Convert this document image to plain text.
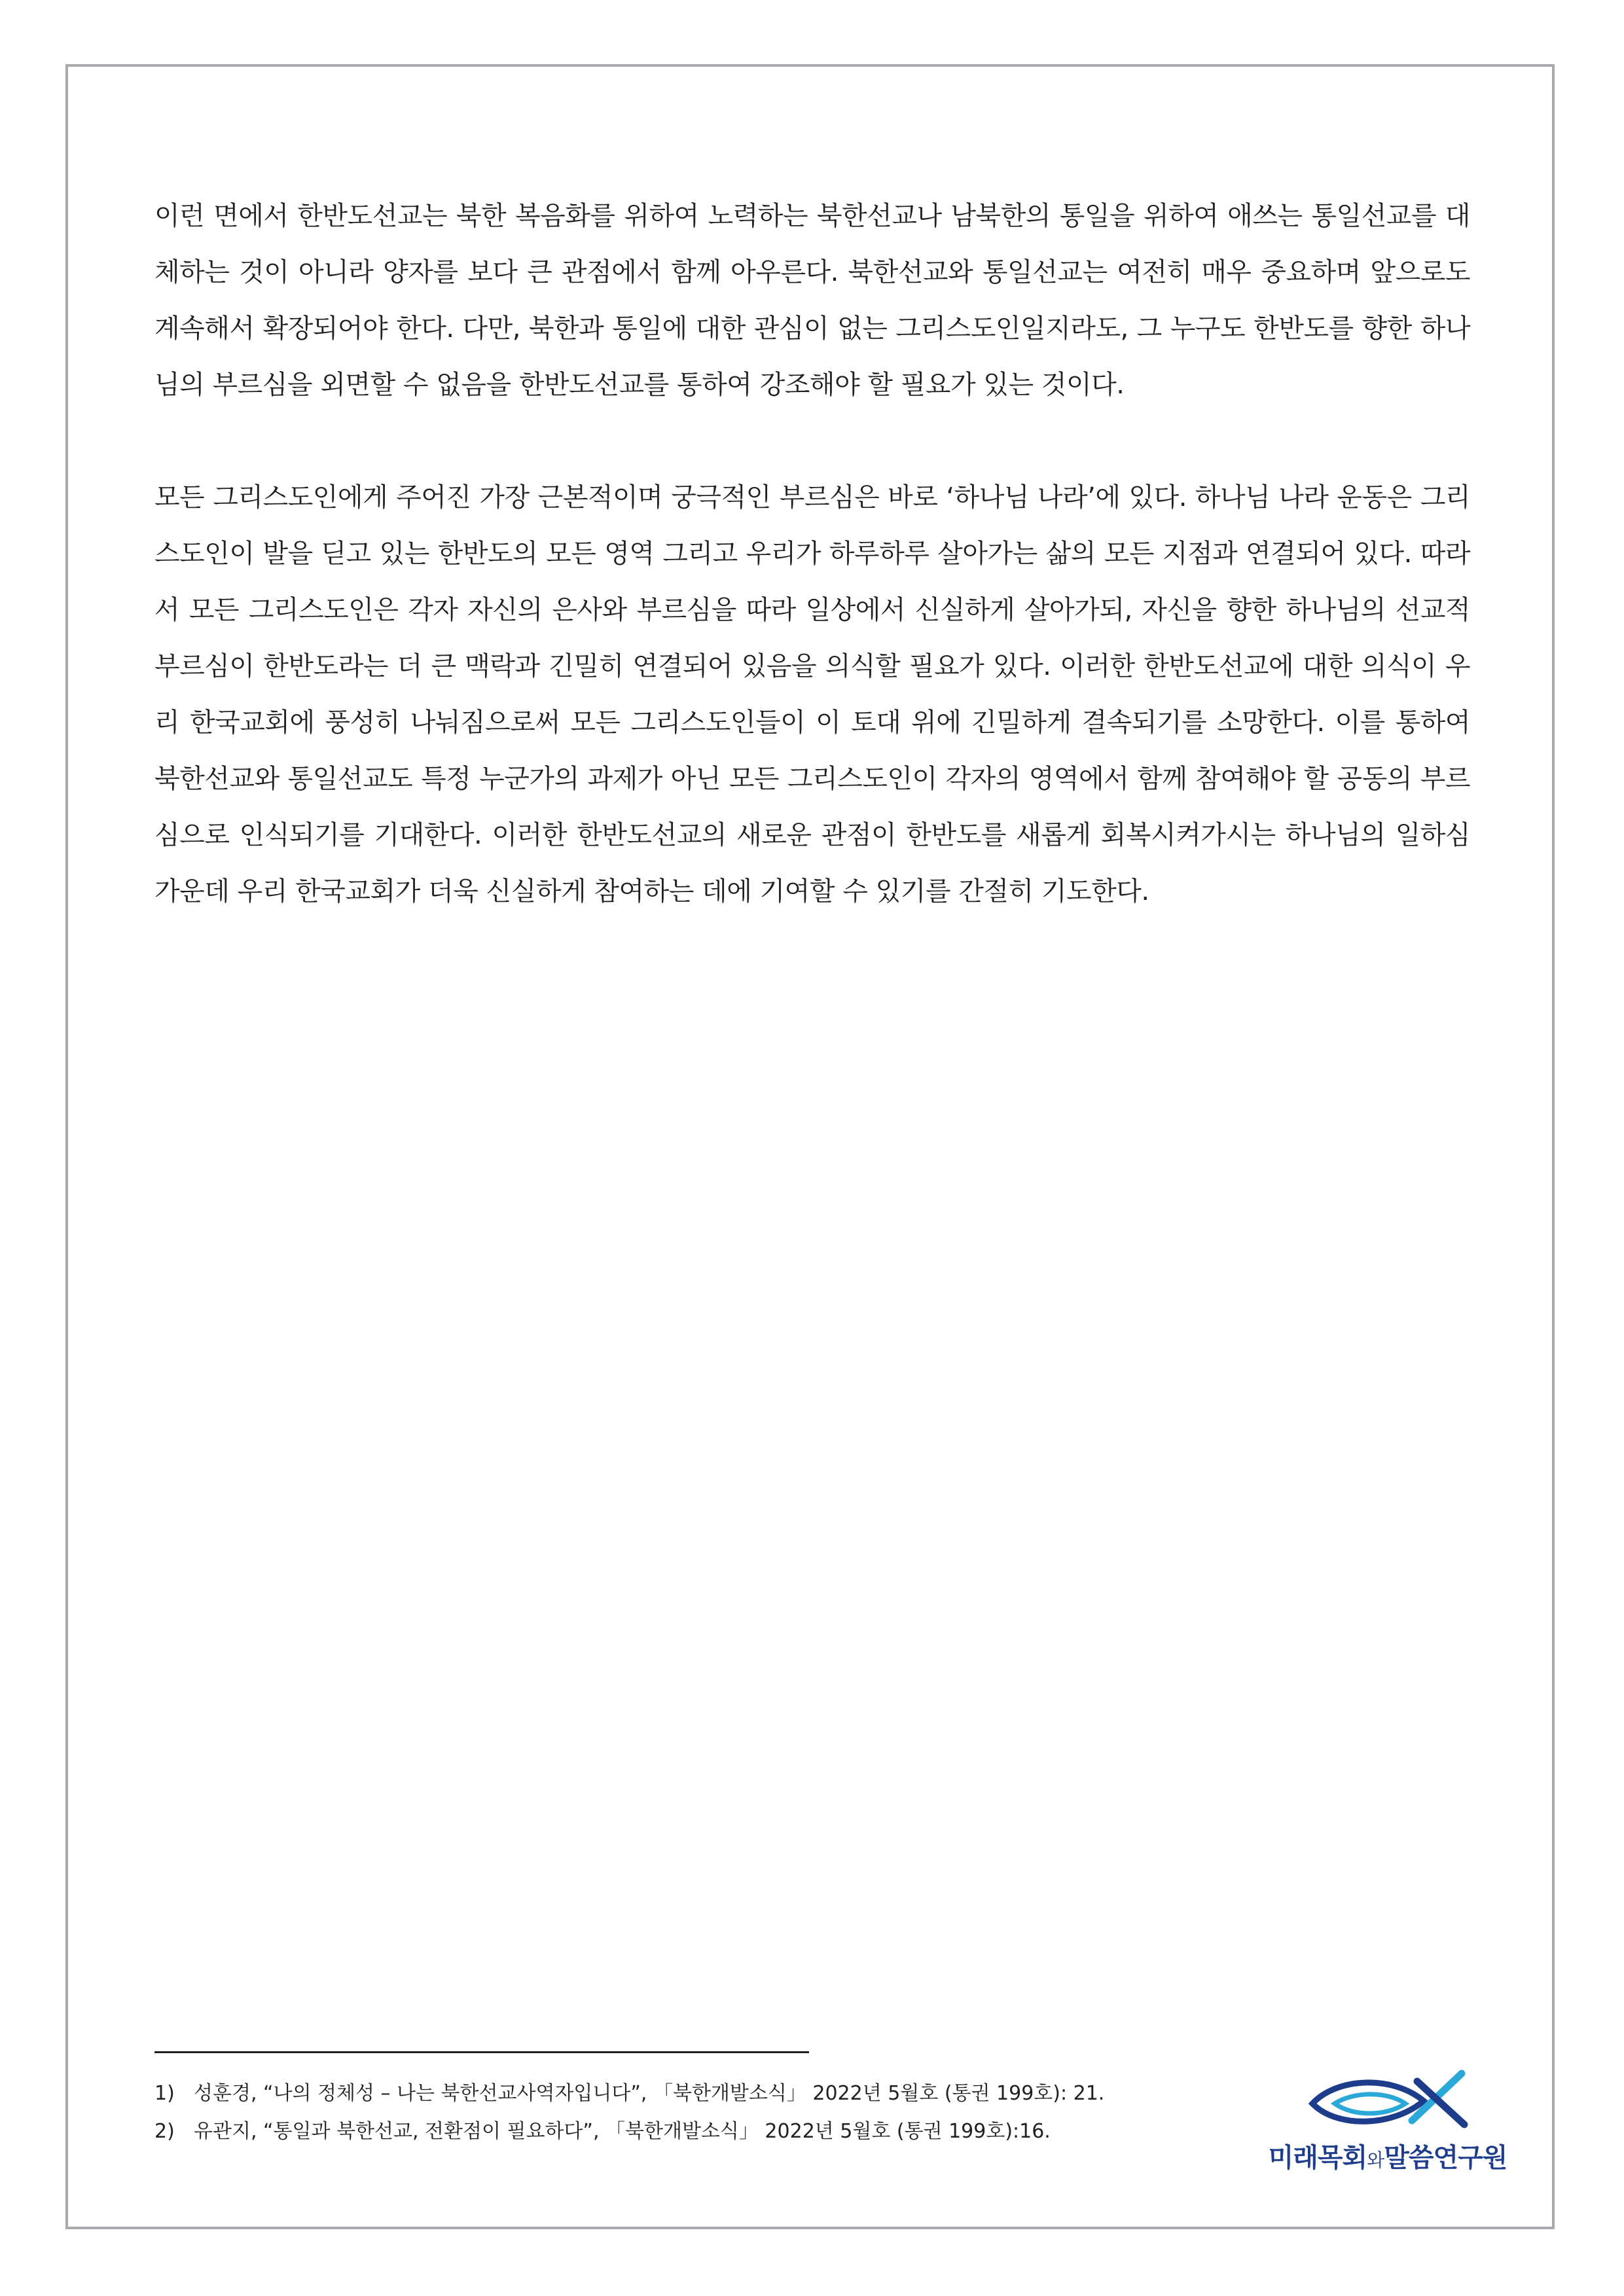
이런 면에서 한반도선교는 북한 복음화를 위하여 노력하는 북한선교나 남북한의 통일을 위하여 애쓰는 통일선교를 대체하는 것이 아니라 양자를 보다 큰 관점에서 함께 아우른다. 북한선교와 통일선교는 여전히 매우 중요하며 앞으로도 계속해서 확장되어야 한다. 다만, 북한과 통일에 대한 관심이 없는 그리스도인일지라도, 그 누구도 한반도를 향한 하나님의 부르심을 외면할 수 없음을 한반도선교를 통하여 강조해야 할 필요가 있는 것이다.

모든 그리스도인에게 주어진 가장 근본적이며 궁극적인 부르심은 바로 ‘하나님 나라’에 있다. 하나님 나라 운동은 그리스도인이 발을 딛고 있는 한반도의 모든 영역 그리고 우리가 하루하루 살아가는 삶의 모든 지점과 연결되어 있다. 따라서 모든 그리스도인은 각자 자신의 은사와 부르심을 따라 일상에서 신실하게 살아가되, 자신을 향한 하나님의 선교적 부르심이 한반도라는 더 큰 맥락과 긴밀히 연결되어 있음을 의식할 필요가 있다. 이러한 한반도선교에 대한 의식이 우리 한국교회에 풍성히 나눠짐으로써 모든 그리스도인들이 이 토대 위에 긴밀하게 결속되기를 소망한다. 이를 통하여 북한선교와 통일선교도 특정 누군가의 과제가 아닌 모든 그리스도인이 각자의 영역에서 함께 참여해야 할 공동의 부르심으로 인식되기를 기대한다. 이러한 한반도선교의 새로운 관점이 한반도를 새롭게 회복시켜가시는 하나님의 일하심 가운데 우리 한국교회가 더욱 신실하게 참여하는 데에 기여할 수 있기를 간절히 기도한다.

1) 성훈경, “나의 정체성 – 나는 북한선교사역자입니다”, 「북한개발소식」 2022년 5월호 (통권 199호): 21.
2) 유관지, “통일과 북한선교, 전환점이 필요하다”, 「북한개발소식」 2022년 5월호 (통권 199호):16.
미래목회와말씀연구원
